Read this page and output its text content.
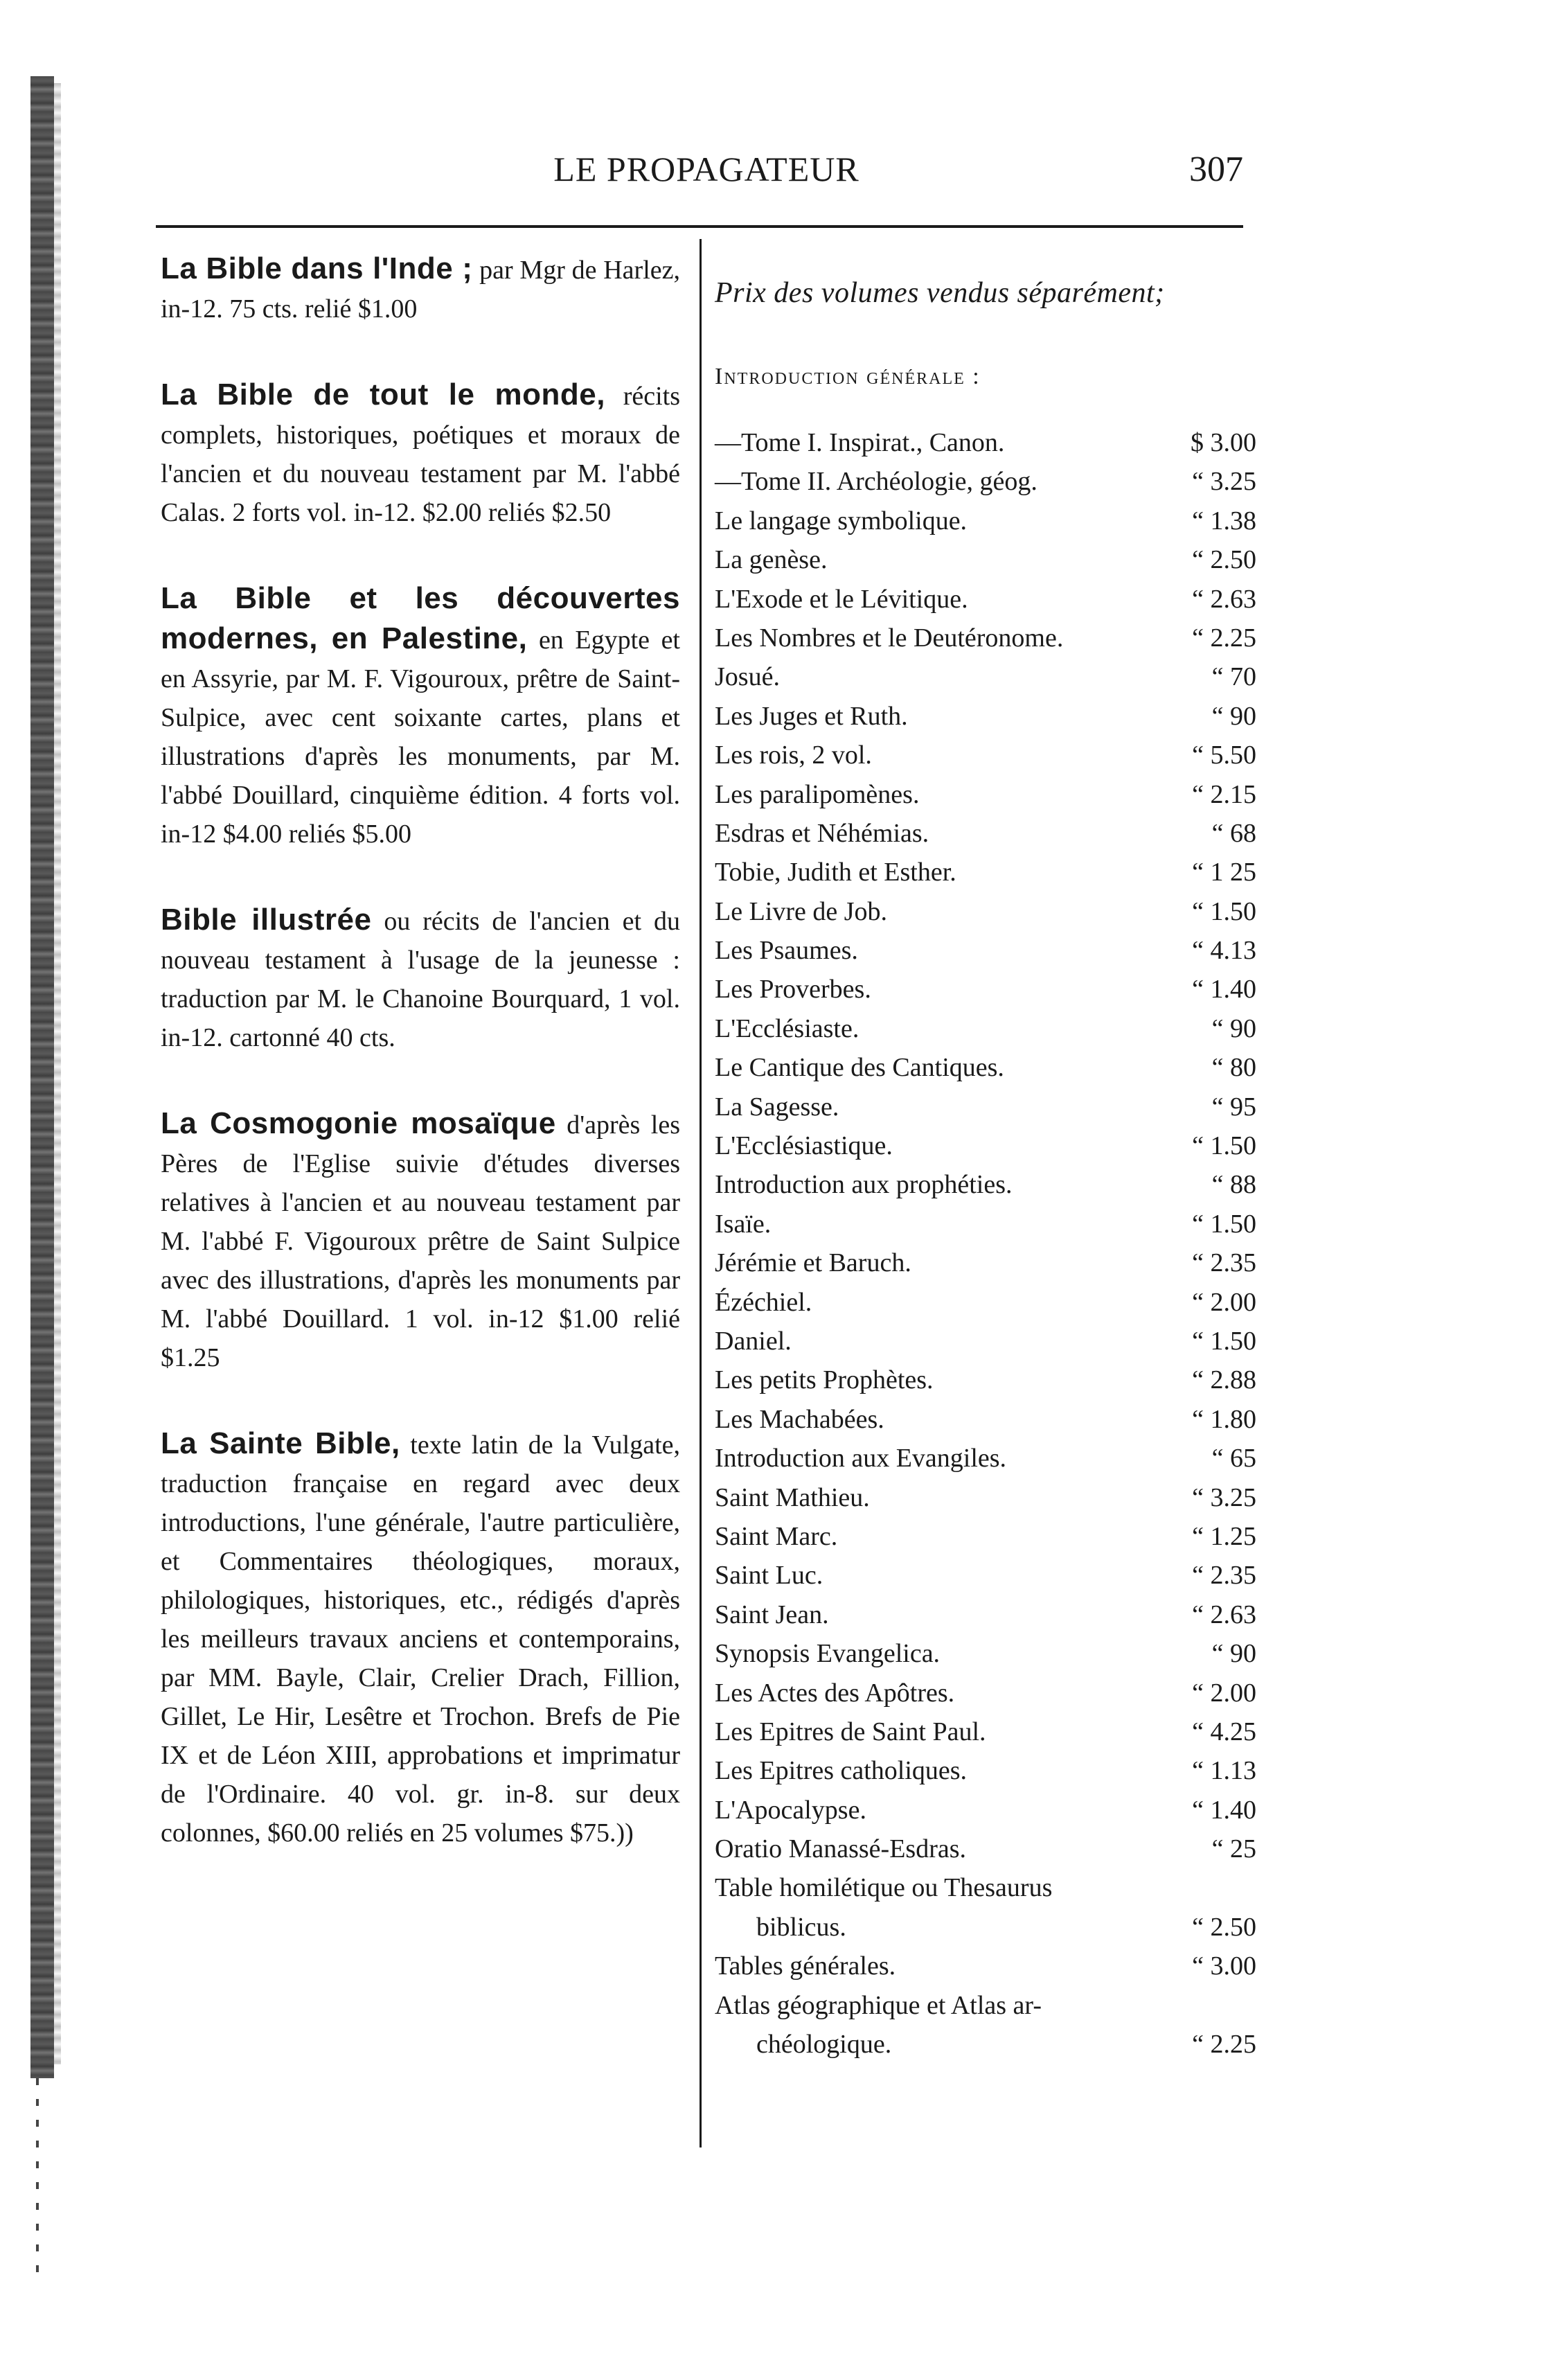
LE PROPAGATEUR	307
La Bible dans l'Inde ; par Mgr de Harlez, in-12. 75 cts. relié $1.00
La Bible de tout le monde, récits complets, historiques, poétiques et moraux de l'ancien et du nouveau testament par M. l'abbé Calas. 2 forts vol. in-12. $2.00 reliés $2.50
La Bible et les découvertes modernes, en Palestine, en Egypte et en Assyrie, par M. F. Vigouroux, prêtre de Saint-Sulpice, avec cent soixante cartes, plans et illustrations d'après les monuments, par M. l'abbé Douillard, cinquième édition. 4 forts vol. in-12 $4.00 reliés $5.00
Bible illustrée ou récits de l'ancien et du nouveau testament à l'usage de la jeunesse : traduction par M. le Chanoine Bourquard, 1 vol. in-12. cartonné 40 cts.
La Cosmogonie mosaïque d'après les Pères de l'Eglise suivie d'études diverses relatives à l'ancien et au nouveau testament par M. l'abbé F. Vigouroux prêtre de Saint Sulpice avec des illustrations, d'après les monuments par M. l'abbé Douillard. 1 vol. in-12 $1.00 relié $1.25
La Sainte Bible, texte latin de la Vulgate, traduction française en regard avec deux introductions, l'une générale, l'autre particulière, et Commentaires théologiques, moraux, philologiques, historiques, etc., rédigés d'après les meilleurs travaux anciens et contemporains, par MM. Bayle, Clair, Crelier Drach, Fillion, Gillet, Le Hir, Lesêtre et Trochon. Brefs de Pie IX et de Léon XIII, approbations et imprimatur de l'Ordinaire. 40 vol. gr. in-8. sur deux colonnes, $60.00 reliés en 25 volumes $75.))
Prix des volumes vendus séparément;
Introduction générale :
—Tome I. Inspirat., Canon.	$ 3.00
—Tome II. Archéologie, géog.	“ 3.25
Le langage symbolique.	“ 1.38
La genèse.	“ 2.50
L'Exode et le Lévitique.	“ 2.63
Les Nombres et le Deutéronome.	“ 2.25
Josué.	“ 70
Les Juges et Ruth.	“ 90
Les rois, 2 vol.	“ 5.50
Les paralipomènes.	“ 2.15
Esdras et Néhémias.	“ 68
Tobie, Judith et Esther.	“ 1 25
Le Livre de Job.	“ 1.50
Les Psaumes.	“ 4.13
Les Proverbes.	“ 1.40
L'Ecclésiaste.	“ 90
Le Cantique des Cantiques.	“ 80
La Sagesse.	“ 95
L'Ecclésiastique.	“ 1.50
Introduction aux prophéties.	“ 88
Isaïe.	“ 1.50
Jérémie et Baruch.	“ 2.35
Ézéchiel.	“ 2.00
Daniel.	“ 1.50
Les petits Prophètes.	“ 2.88
Les Machabées.	“ 1.80
Introduction aux Evangiles.	“ 65
Saint Mathieu.	“ 3.25
Saint Marc.	“ 1.25
Saint Luc.	“ 2.35
Saint Jean.	“ 2.63
Synopsis Evangelica.	“ 90
Les Actes des Apôtres.	“ 2.00
Les Epitres de Saint Paul.	“ 4.25
Les Epitres catholiques.	“ 1.13
L'Apocalypse.	“ 1.40
Oratio Manassé-Esdras.	“ 25
Table homilétique ou Thesaurus
biblicus.	“ 2.50
Tables générales.	“ 3.00
Atlas géographique et Atlas ar-
chéologique.	“ 2.25
